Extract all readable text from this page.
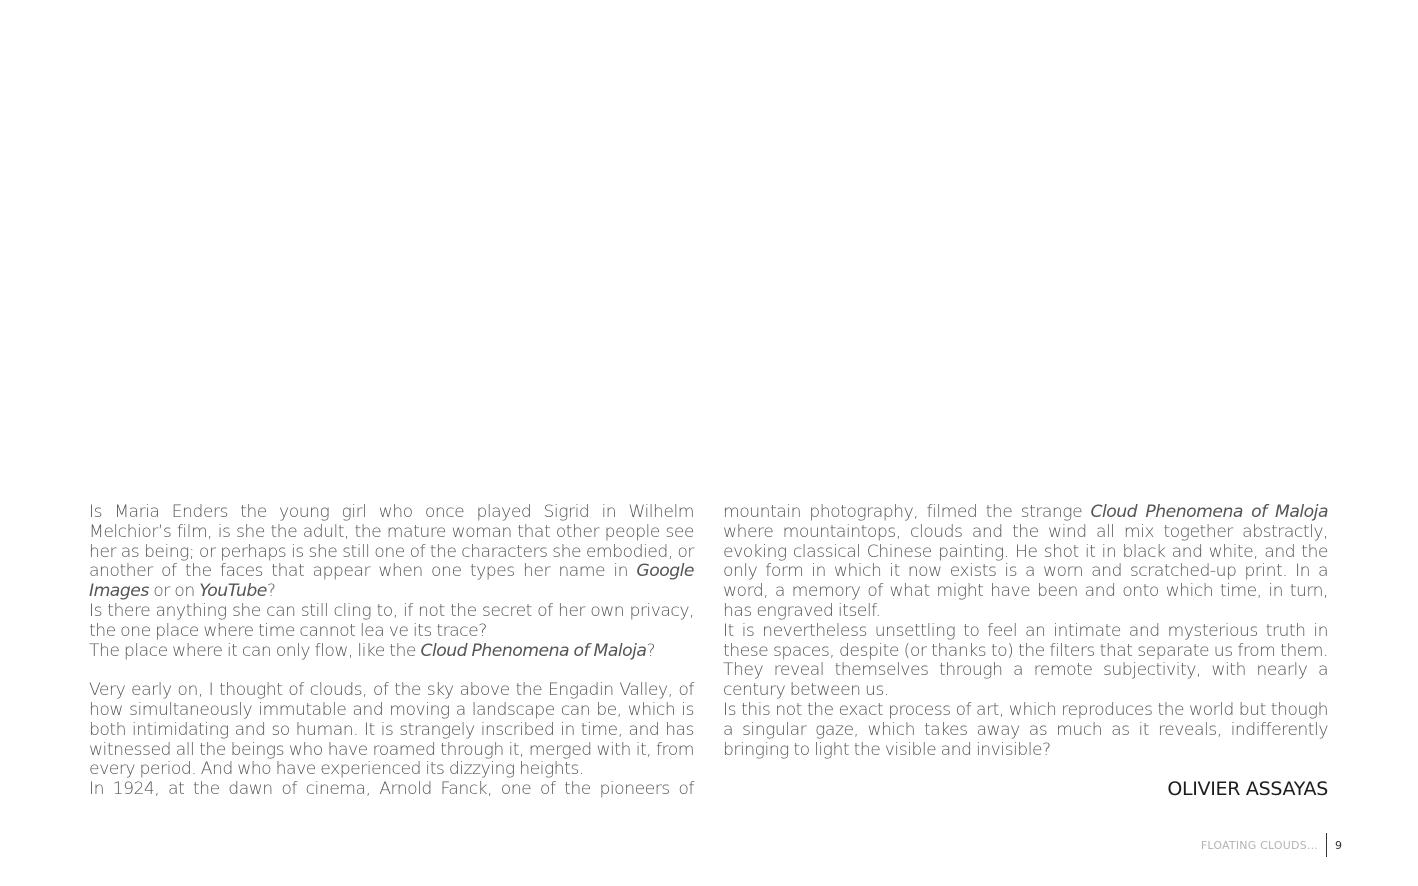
Is Maria Enders the young girl who once played Sigrid in Wilhelm Melchior’s film, is she the adult, the mature woman that other people see her as being; or perhaps is she still one of the characters she embodied, or another of the faces that appear when one types her name in Google Images or on YouTube?

Is there anything she can still cling to, if not the secret of her own privacy, the one place where time cannot lea ve its trace?

The place where it can only flow, like the Cloud Phenomena of Maloja?

Very early on, I thought of clouds, of the sky above the Engadin Valley, of how simultaneously immutable and moving a landscape can be, which is both intimidating and so human. It is strangely inscribed in time, and has witnessed all the beings who have roamed through it, merged with it, from every period. And who have experienced its dizzying heights.

In 1924, at the dawn of cinema, Arnold Fanck, one of the pioneers of

mountain photography, filmed the strange Cloud Phenomena of Maloja where mountaintops, clouds and the wind all mix together abstractly, evoking classical Chinese painting. He shot it in black and white, and the only form in which it now exists is a worn and scratched-up print. In a word, a memory of what might have been and onto which time, in turn, has engraved itself.

It is nevertheless unsettling to feel an intimate and mysterious truth in these spaces, despite (or thanks to) the filters that separate us from them. They reveal themselves through a remote subjectivity, with nearly a century between us.

Is this not the exact process of art, which reproduces the world but though a singular gaze, which takes away as much as it reveals, indifferently bringing to light the visible and invisible?

OLIVIER ASSAYAS
FLOATING CLOUDS...	9
